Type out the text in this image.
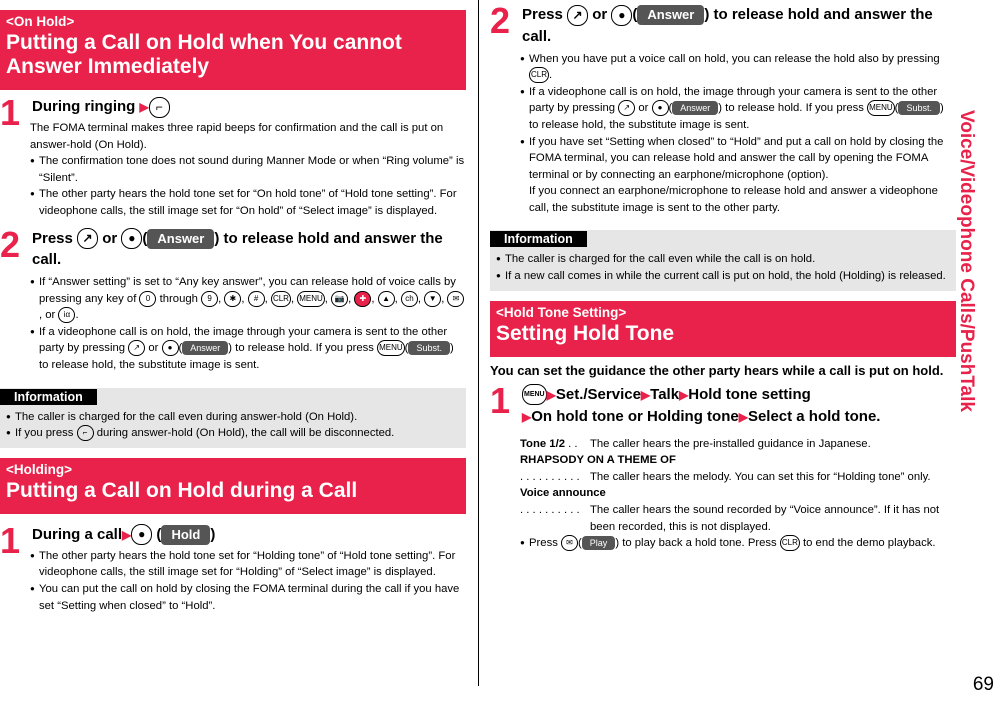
Voice/Videophone Calls/PushTalk
69
<On Hold>
Putting a Call on Hold when You cannot Answer Immediately
1 During ringing ▶ ⌐
The FOMA terminal makes three rapid beeps for confirmation and the call is put on answer-hold (On Hold).
● The confirmation tone does not sound during Manner Mode or when “Ring volume” is “Silent”.
● The other party hears the hold tone set for “On hold tone” of “Hold tone setting”. For videophone calls, the still image set for “On hold” of “Select image” is displayed.
2 Press ↗ or ● ( Answer ) to release hold and answer the call.
● If “Answer setting” is set to “Any key answer”, you can release hold of voice calls by pressing any key of 0 through 9 , ✱ , # , CLR , MENU , 📷 , ✚ , ▲ , ch , ▼ , ✉, or iα .
● If a videophone call is on hold, the image through your camera is sent to the other party by pressing ↗ or ● ( Answer ) to release hold. If you press MENU ( Subst. ) to release hold, the substitute image is sent.
Information
● The caller is charged for the call even during answer-hold (On Hold).
● If you press ⌐ during answer-hold (On Hold), the call will be disconnected.
<Holding>
Putting a Call on Hold during a Call
1 During a call▶ ● ( Hold )
● The other party hears the hold tone set for “Holding tone” of “Hold tone setting”. For videophone calls, the still image set for “Holding” of “Select image” is displayed.
● You can put the call on hold by closing the FOMA terminal during the call if you have set “Setting when closed” to “Hold”.
2 Press ↗ or ● ( Answer ) to release hold and answer the call.
● When you have put a voice call on hold, you can release the hold also by pressing CLR .
● If a videophone call is on hold, the image through your camera is sent to the other party by pressing ↗ or ● ( Answer ) to release hold. If you press MENU ( Subst. ) to release hold, the substitute image is sent.
● If you have set “Setting when closed” to “Hold” and put a call on hold by closing the FOMA terminal, you can release hold and answer the call by opening the FOMA terminal or by connecting an earphone/microphone (option).
If you connect an earphone/microphone to release hold and answer a videophone call, the substitute image is sent to the other party.
Information
● The caller is charged for the call even while the call is on hold.
● If a new call comes in while the current call is put on hold, the hold (Holding) is released.
<Hold Tone Setting>
Setting Hold Tone
You can set the guidance the other party hears while a call is put on hold.
1 MENU ▶Set./Service▶Talk▶Hold tone setting
▶On hold tone or Holding tone▶Select a hold tone.
Tone 1/2 . .	The caller hears the pre-installed guidance in Japanese.
RHAPSODY ON A THEME OF
. . . . . . . . . . The caller hears the melody. You can set this for “Holding tone” only.
Voice announce
. . . . . . . . . . The caller hears the sound recorded by “Voice announce”. If it has not been recorded, this is not displayed.
● Press ✉ ( Play ) to play back a hold tone. Press CLR to end the demo playback.
